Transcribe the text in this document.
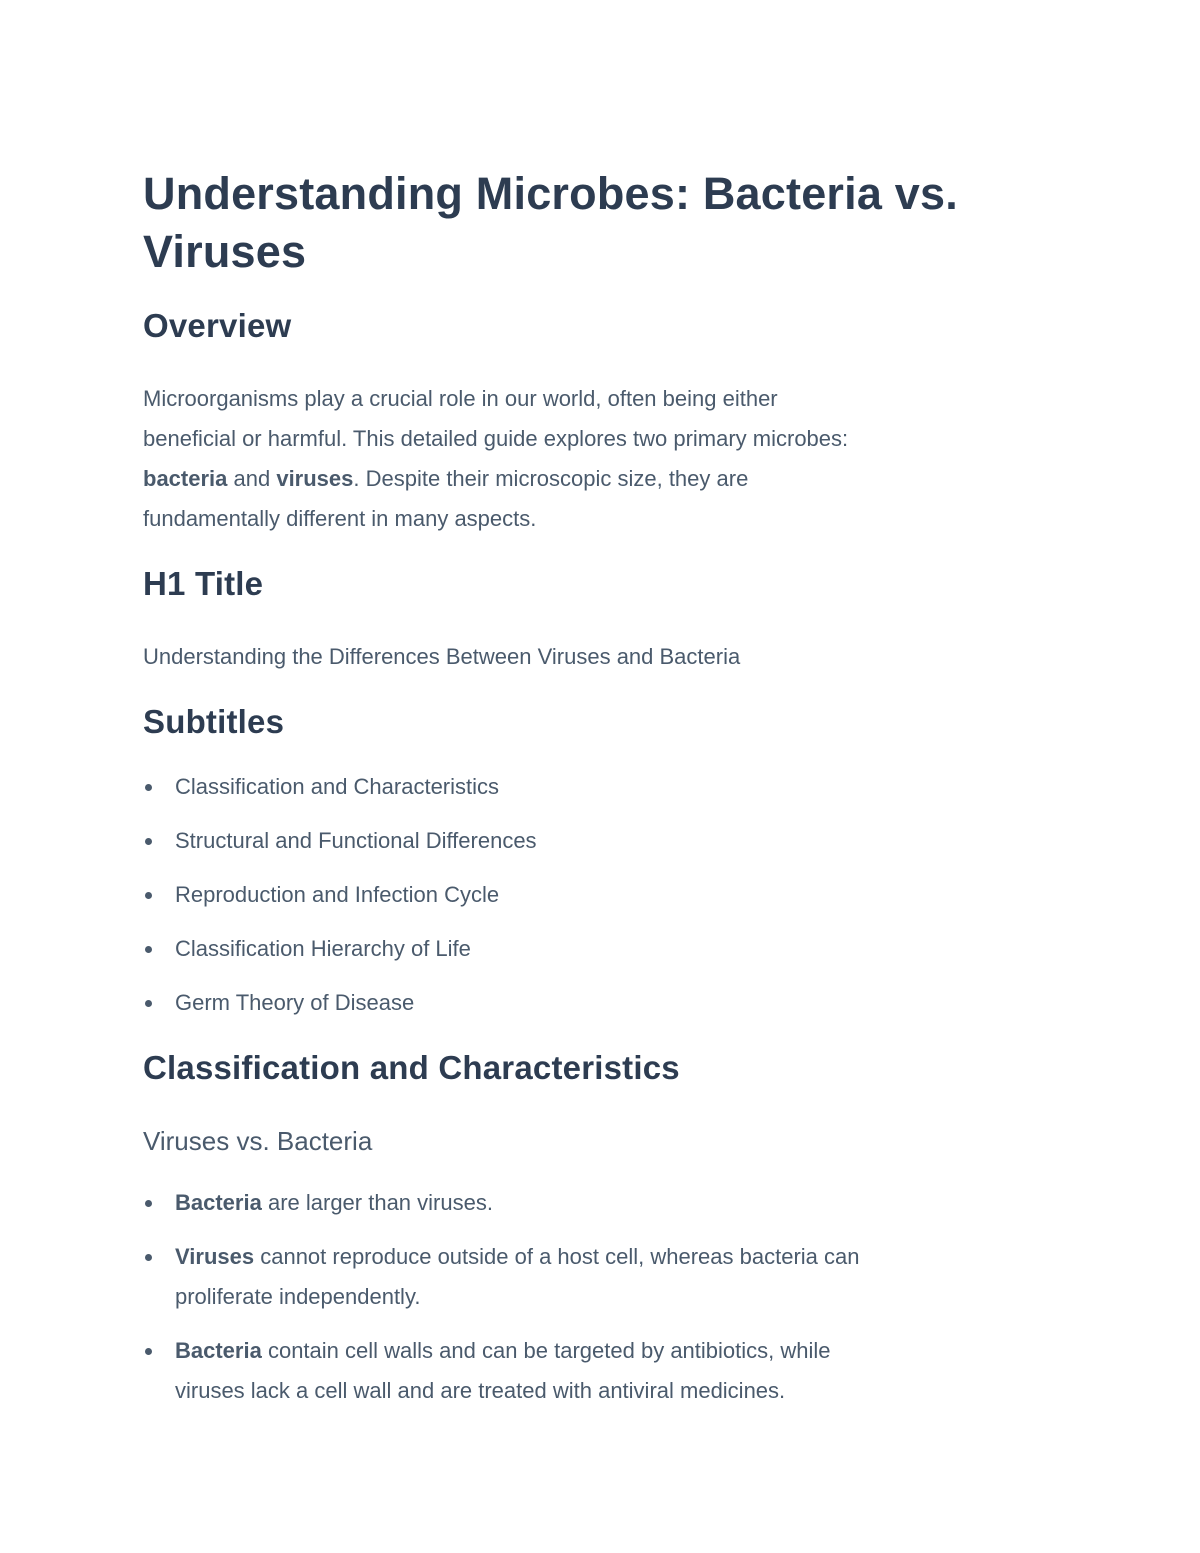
Understanding Microbes: Bacteria vs.
Viruses
Overview
Microorganisms play a crucial role in our world, often being either
beneficial or harmful. This detailed guide explores two primary microbes:
bacteria and viruses. Despite their microscopic size, they are
fundamentally different in many aspects.
H1 Title
Understanding the Differences Between Viruses and Bacteria
Subtitles
Classification and Characteristics
Structural and Functional Differences
Reproduction and Infection Cycle
Classification Hierarchy of Life
Germ Theory of Disease
Classification and Characteristics
Viruses vs. Bacteria
Bacteria are larger than viruses.
Viruses cannot reproduce outside of a host cell, whereas bacteria can
proliferate independently.
Bacteria contain cell walls and can be targeted by antibiotics, while
viruses lack a cell wall and are treated with antiviral medicines.
